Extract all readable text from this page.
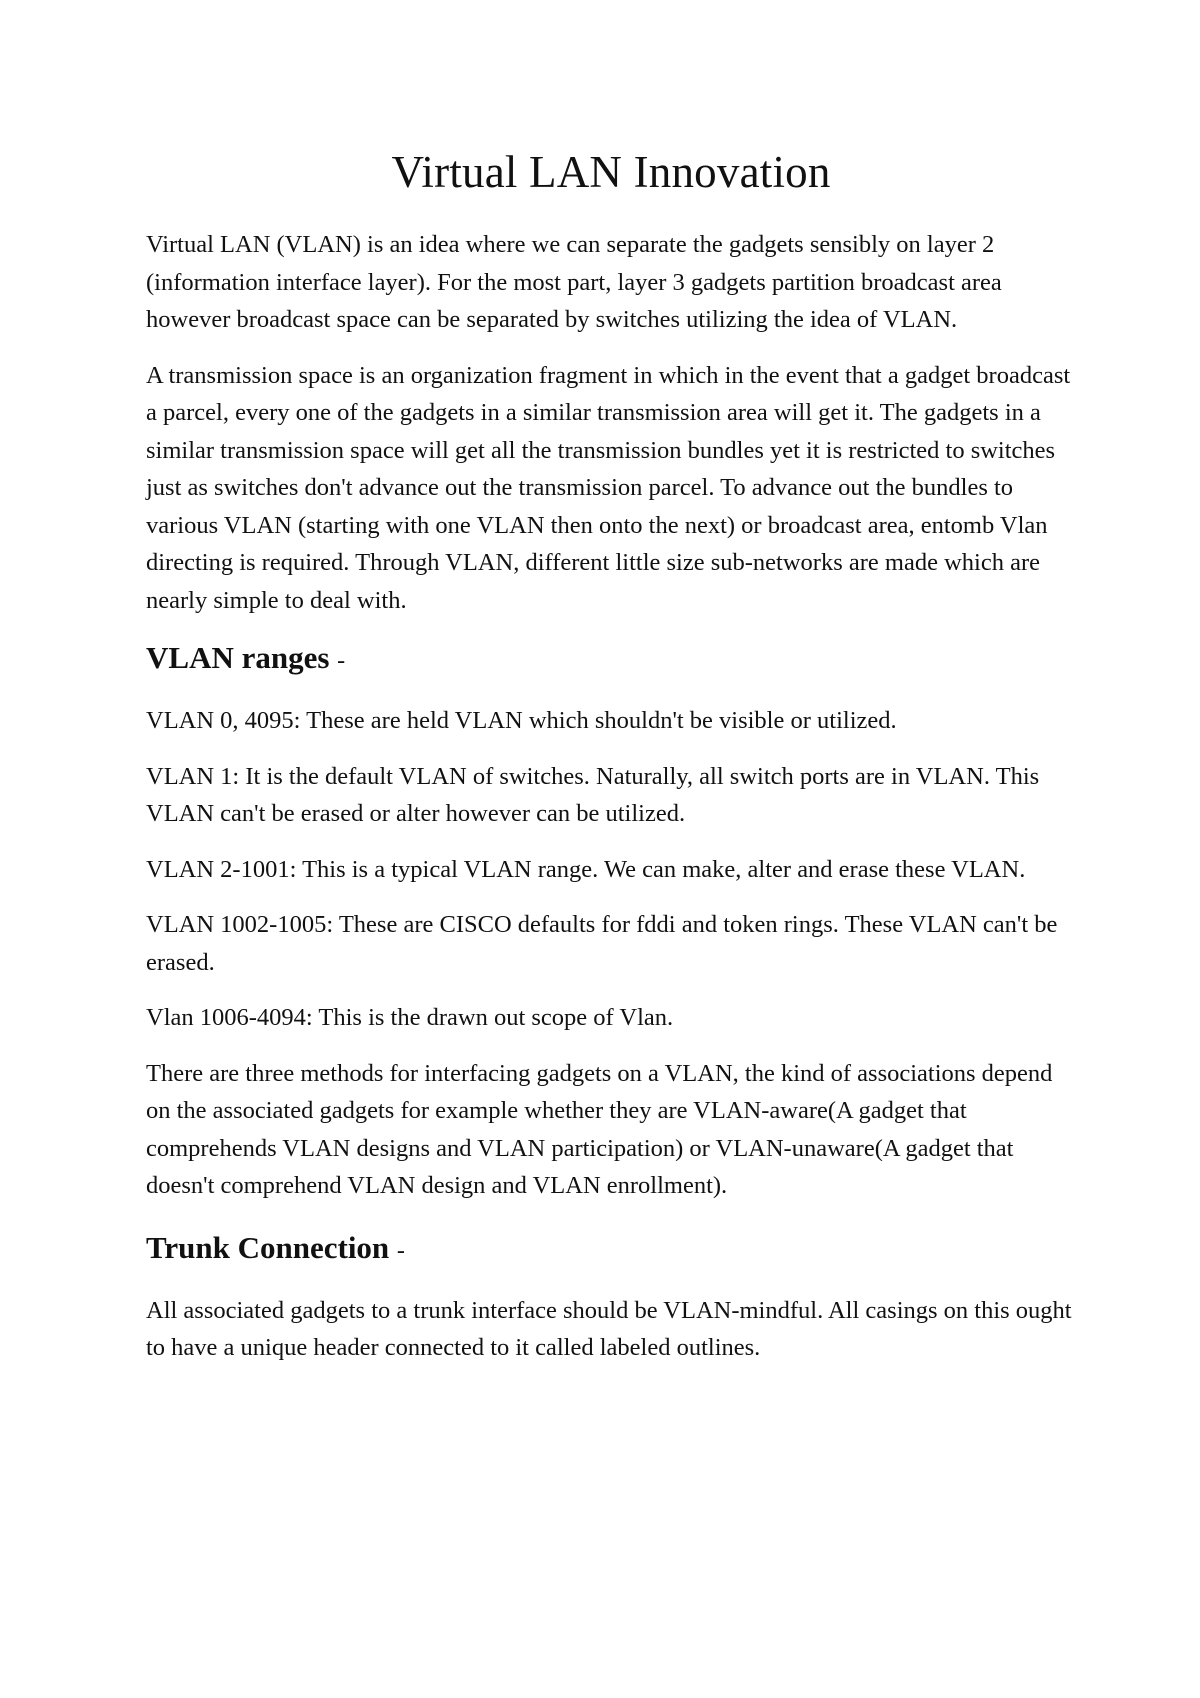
Virtual LAN Innovation

Virtual LAN (VLAN) is an idea where we can separate the gadgets sensibly on layer 2 (information interface layer). For the most part, layer 3 gadgets partition broadcast area however broadcast space can be separated by switches utilizing the idea of VLAN.

A transmission space is an organization fragment in which in the event that a gadget broadcast a parcel, every one of the gadgets in a similar transmission area will get it. The gadgets in a similar transmission space will get all the transmission bundles yet it is restricted to switches just as switches don't advance out the transmission parcel. To advance out the bundles to various VLAN (starting with one VLAN then onto the next) or broadcast area, entomb Vlan directing is required. Through VLAN, different little size sub-networks are made which are nearly simple to deal with.

VLAN ranges -

VLAN 0, 4095: These are held VLAN which shouldn't be visible or utilized.

VLAN 1: It is the default VLAN of switches. Naturally, all switch ports are in VLAN. This VLAN can't be erased or alter however can be utilized.

VLAN 2-1001: This is a typical VLAN range. We can make, alter and erase these VLAN.

VLAN 1002-1005: These are CISCO defaults for fddi and token rings. These VLAN can't be erased.

Vlan 1006-4094: This is the drawn out scope of Vlan.

There are three methods for interfacing gadgets on a VLAN, the kind of associations depend on the associated gadgets for example whether they are VLAN-aware(A gadget that comprehends VLAN designs and VLAN participation) or VLAN-unaware(A gadget that doesn't comprehend VLAN design and VLAN enrollment).

Trunk Connection -

All associated gadgets to a trunk interface should be VLAN-mindful. All casings on this ought to have a unique header connected to it called labeled outlines.
